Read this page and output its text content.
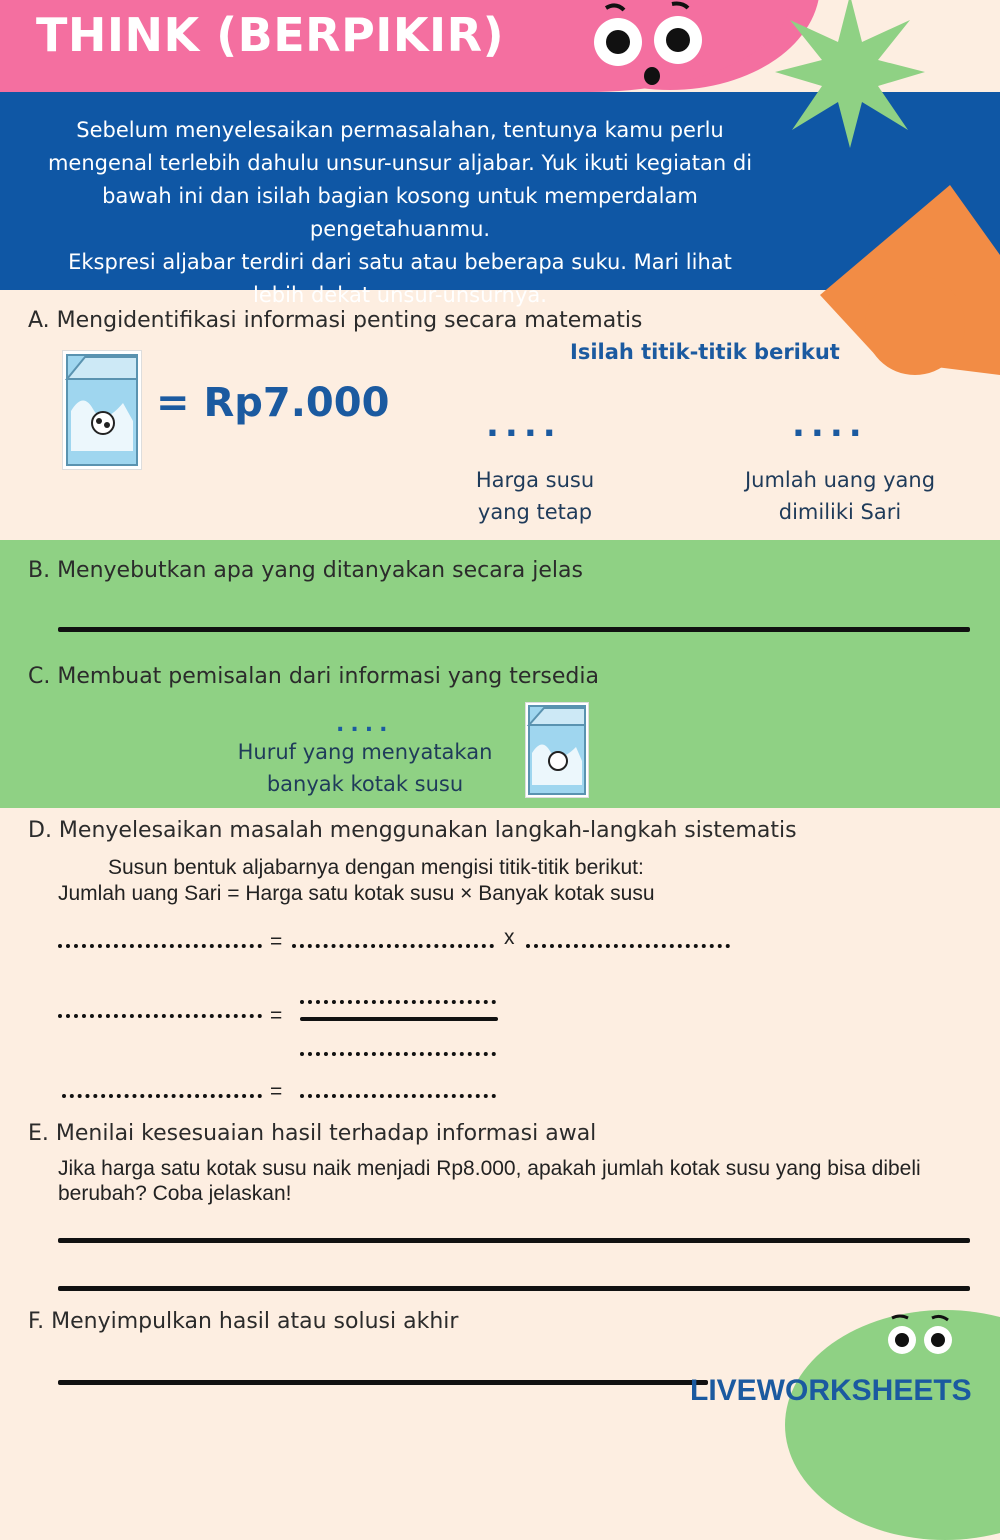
THINK (BERPIKIR)
Sebelum menyelesaikan permasalahan, tentunya kamu perlu mengenal terlebih dahulu unsur-unsur aljabar. Yuk ikuti kegiatan di bawah ini dan isilah bagian kosong untuk memperdalam pengetahuanmu.
Ekspresi aljabar terdiri dari satu atau beberapa suku. Mari lihat lebih dekat unsur-unsurnya.
A. Mengidentifikasi informasi penting secara matematis
Isilah titik-titik berikut
= Rp7.000	....	....
Harga susu
yang tetap
Jumlah uang yang
dimiliki Sari
B. Menyebutkan apa yang ditanyakan secara jelas
C. Membuat pemisalan dari informasi yang tersedia
....
Huruf yang menyatakan
banyak kotak susu
D. Menyelesaikan masalah menggunakan langkah-langkah sistematis
Susun bentuk aljabarnya dengan mengisi titik-titik berikut:
Jumlah uang Sari = Harga satu kotak susu × Banyak kotak susu
=	x
=
=
E. Menilai kesesuaian hasil terhadap informasi awal
Jika harga satu kotak susu naik menjadi Rp8.000, apakah jumlah kotak susu yang bisa dibeli berubah? Coba jelaskan!
F. Menyimpulkan hasil atau solusi akhir
LIVEWORKSHEETS
